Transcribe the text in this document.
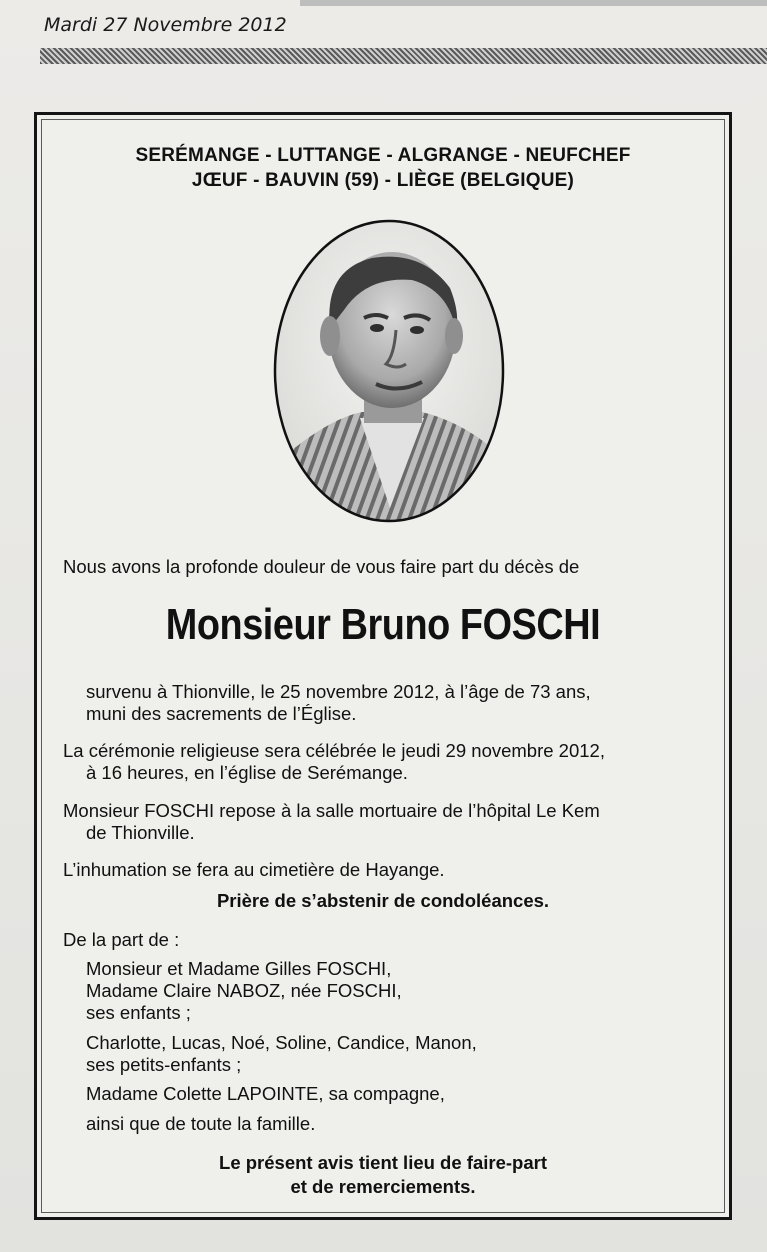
Mardi 27 Novembre 2012
SERÉMANGE - LUTTANGE - ALGRANGE - NEUFCHEF
JŒUF - BAUVIN (59) - LIÈGE (BELGIQUE)
Nous avons la profonde douleur de vous faire part du décès de
Monsieur Bruno FOSCHI
survenu à Thionville, le 25 novembre 2012, à l’âge de 73 ans,
muni des sacrements de l’Église.
La cérémonie religieuse sera célébrée le jeudi 29 novembre 2012,
à 16 heures, en l’église de Serémange.
Monsieur FOSCHI repose à la salle mortuaire de l’hôpital Le Kem
de Thionville.
L’inhumation se fera au cimetière de Hayange.
Prière de s’abstenir de condoléances.
De la part de :
Monsieur et Madame Gilles FOSCHI,
Madame Claire NABOZ, née FOSCHI,
ses enfants ;
Charlotte, Lucas, Noé, Soline, Candice, Manon,
ses petits-enfants ;
Madame Colette LAPOINTE, sa compagne,
ainsi que de toute la famille.
Le présent avis tient lieu de faire-part
et de remerciements.
